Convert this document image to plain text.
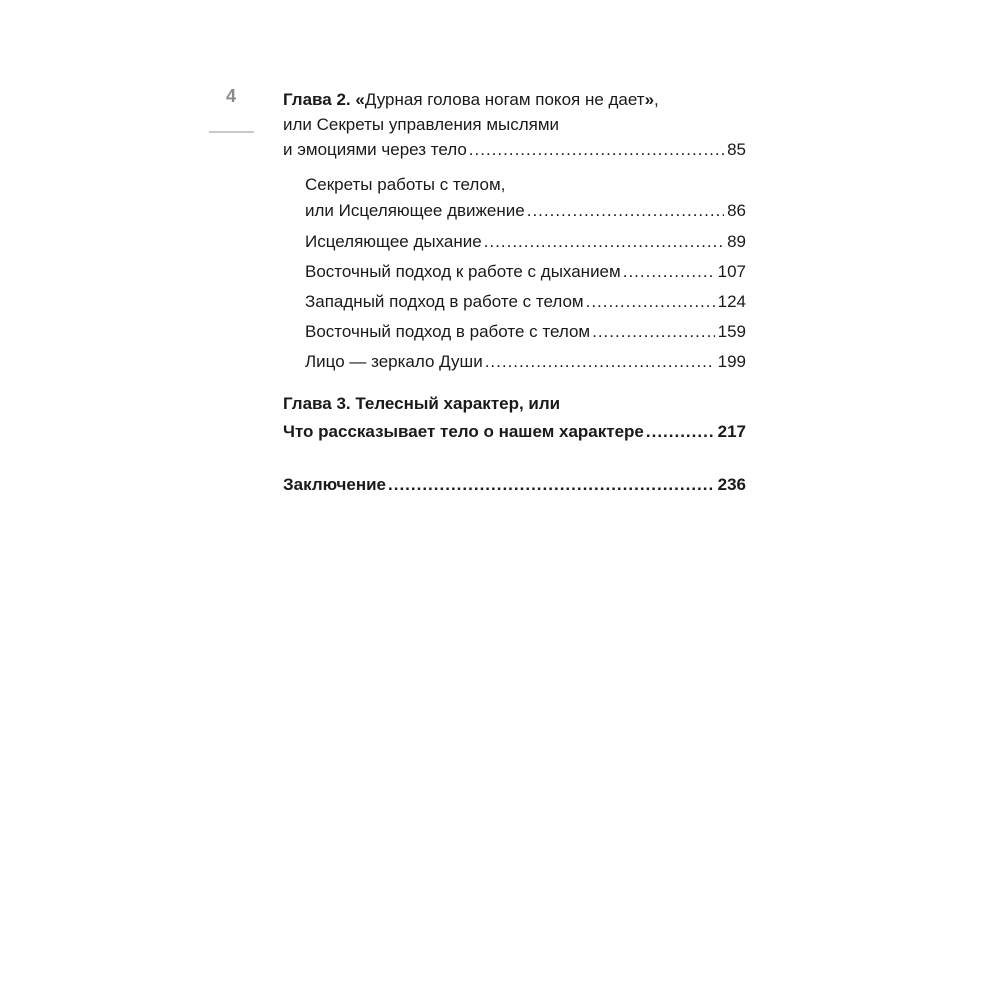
4	Глава 2. «Дурная голова ногам покоя не дает»,
или Секреты управления мыслями
и эмоциями через тело .....	85
Секреты работы с телом,
или Исцеляющее движение .....	86
Исцеляющее дыхание .....	89
Восточный подход к работе с дыханием .....	107
Западный подход в работе с телом .....	124
Восточный подход в работе с телом .....	159
Лицо — зеркало Души .....	199
Глава 3. Телесный характер, или
Что рассказывает тело о нашем характере .....	217
Заключение .....	236
